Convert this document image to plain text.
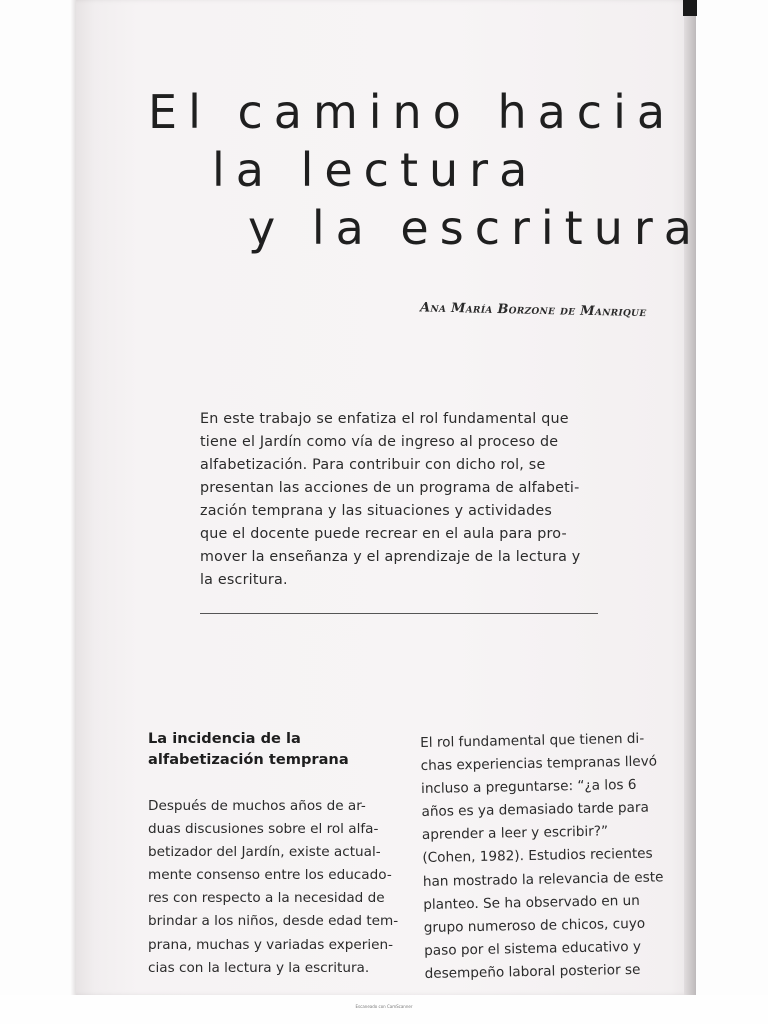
El camino hacia
la lectura
y la escritura
Ana María Borzone de Manrique
En este trabajo se enfatiza el rol fundamental que
tiene el Jardín como vía de ingreso al proceso de
alfabetización. Para contribuir con dicho rol, se
presentan las acciones de un programa de alfabeti-
zación temprana y las situaciones y actividades
que el docente puede recrear en el aula para pro-
mover la enseñanza y el aprendizaje de la lectura y
la escritura.
La incidencia de la
alfabetización temprana

Después de muchos años de ar-
duas discusiones sobre el rol alfa-
betizador del Jardín, existe actual-
mente consenso entre los educado-
res con respecto a la necesidad de
brindar a los niños, desde edad tem-
prana, muchas y variadas experien-
cias con la lectura y la escritura.

El rol fundamental que tienen di-
chas experiencias tempranas llevó
incluso a preguntarse: “¿a los 6
años es ya demasiado tarde para
aprender a leer y escribir?”
(Cohen, 1982). Estudios recientes
han mostrado la relevancia de este
planteo. Se ha observado en un
grupo numeroso de chicos, cuyo
paso por el sistema educativo y
desempeño laboral posterior se

Escaneado con CamScanner
